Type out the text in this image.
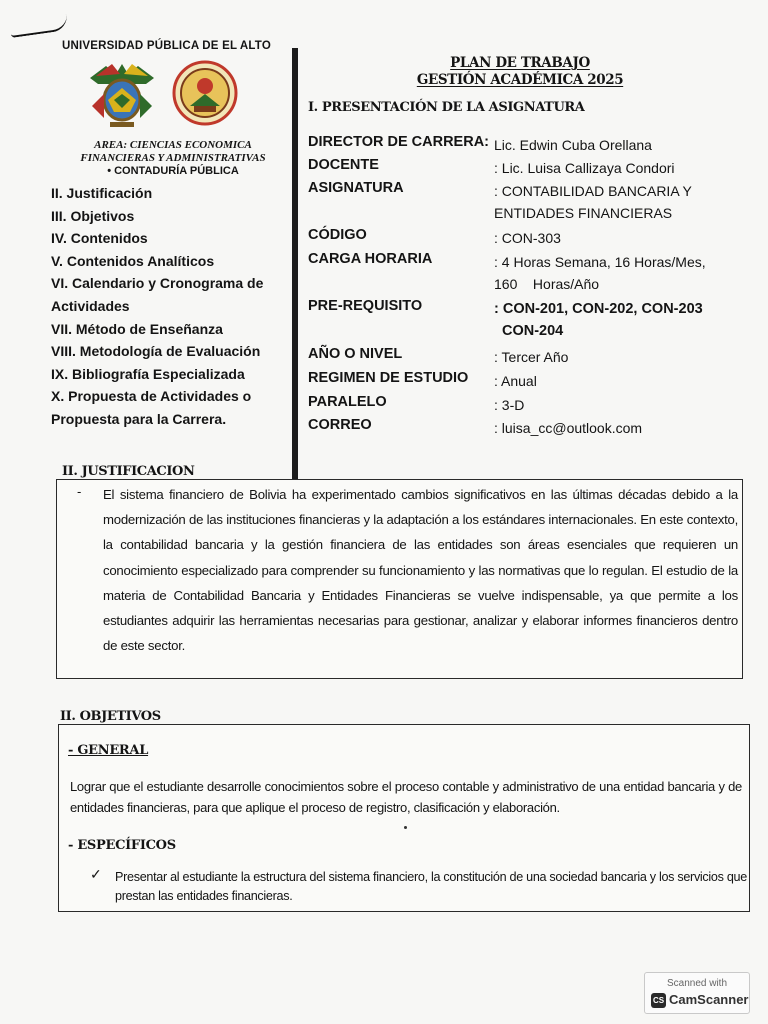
UNIVERSIDAD PÚBLICA DE EL ALTO
AREA: CIENCIAS ECONOMICA
FINANCIERAS Y ADMINISTRATIVAS
• CONTADURÍA PÚBLICA
II. Justificación
III. Objetivos
IV. Contenidos
V. Contenidos Analíticos
VI. Calendario y Cronograma de
Actividades
VII. Método de Enseñanza
VIII. Metodología de Evaluación
IX. Bibliografía Especializada
X. Propuesta de Actividades o
Propuesta para la Carrera.
PLAN DE TRABAJO
GESTIÓN ACADÉMICA 2025
I. PRESENTACIÓN DE LA ASIGNATURA
DIRECTOR DE CARRERA: Lic. Edwin Cuba Orellana
DOCENTE	: Lic. Luisa Callizaya Condori
ASIGNATURA	: CONTABILIDAD BANCARIA Y
ENTIDADES FINANCIERAS
CÓDIGO	: CON-303
CARGA HORARIA	: 4 Horas Semana, 16 Horas/Mes,
160    Horas/Año
PRE-REQUISITO	: CON-201, CON-202, CON-203
CON-204
AÑO O NIVEL	: Tercer Año
REGIMEN DE ESTUDIO : Anual
PARALELO	: 3-D
CORREO	: luisa_cc@outlook.com
II. JUSTIFICACION
- El sistema financiero de Bolivia ha experimentado cambios significativos en las últimas décadas debido a la modernización de las instituciones financieras y la adaptación a los estándares internacionales. En este contexto, la contabilidad bancaria y la gestión financiera de las entidades son áreas esenciales que requieren un conocimiento especializado para comprender su funcionamiento y las normativas que lo regulan. El estudio de la materia de Contabilidad Bancaria y Entidades Financieras se vuelve indispensable, ya que permite a los estudiantes adquirir las herramientas necesarias para gestionar, analizar y elaborar informes financieros dentro de este sector.
II. OBJETIVOS
- GENERAL
Lograr que el estudiante desarrolle conocimientos sobre el proceso contable y administrativo de una entidad bancaria y de entidades financieras, para que aplique el proceso de registro, clasificación y elaboración.
- ESPECÍFICOS
✓ Presentar al estudiante la estructura del sistema financiero, la constitución de una sociedad bancaria y los servicios que prestan las entidades financieras.
Scanned with
CS CamScanner
